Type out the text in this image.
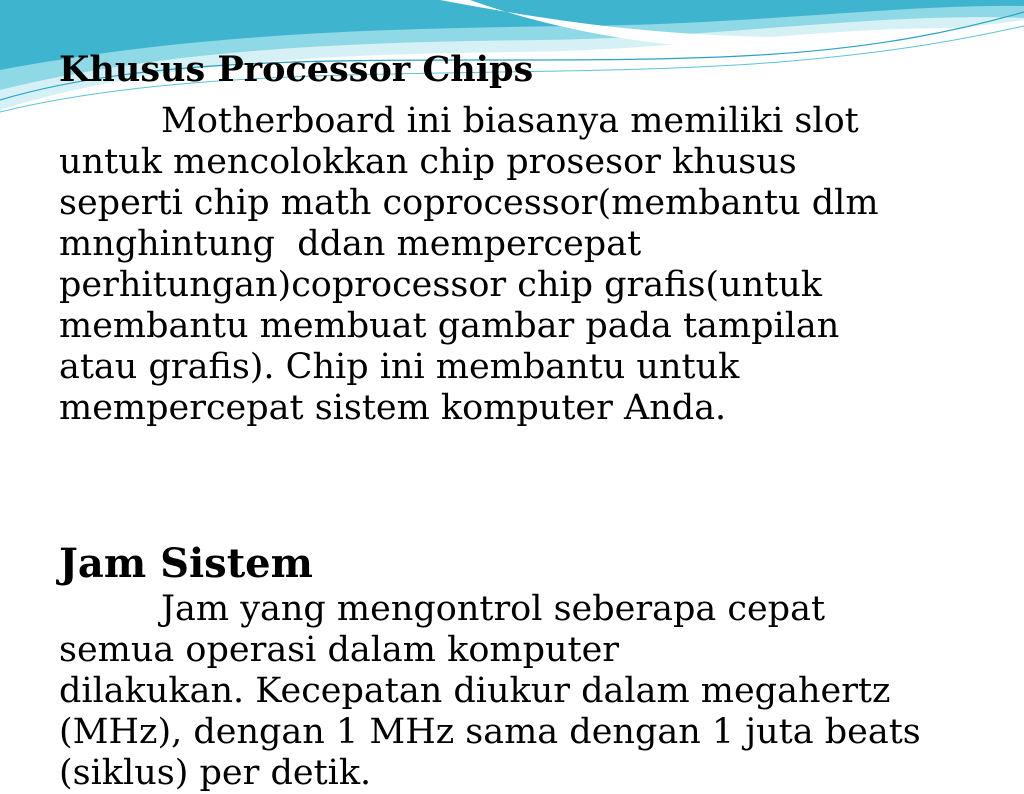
Khusus Processor Chips
Motherboard ini biasanya memiliki slot
untuk mencolokkan chip prosesor khusus
seperti chip math coprocessor(membantu dlm
mnghintung  ddan mempercepat
perhitungan)coprocessor chip grafis(untuk
membantu membuat gambar pada tampilan
atau grafis). Chip ini membantu untuk
mempercepat sistem komputer Anda.
Jam Sistem
Jam yang mengontrol seberapa cepat
semua operasi dalam komputer
dilakukan. Kecepatan diukur dalam megahertz
(MHz), dengan 1 MHz sama dengan 1 juta beats
(siklus) per detik.
